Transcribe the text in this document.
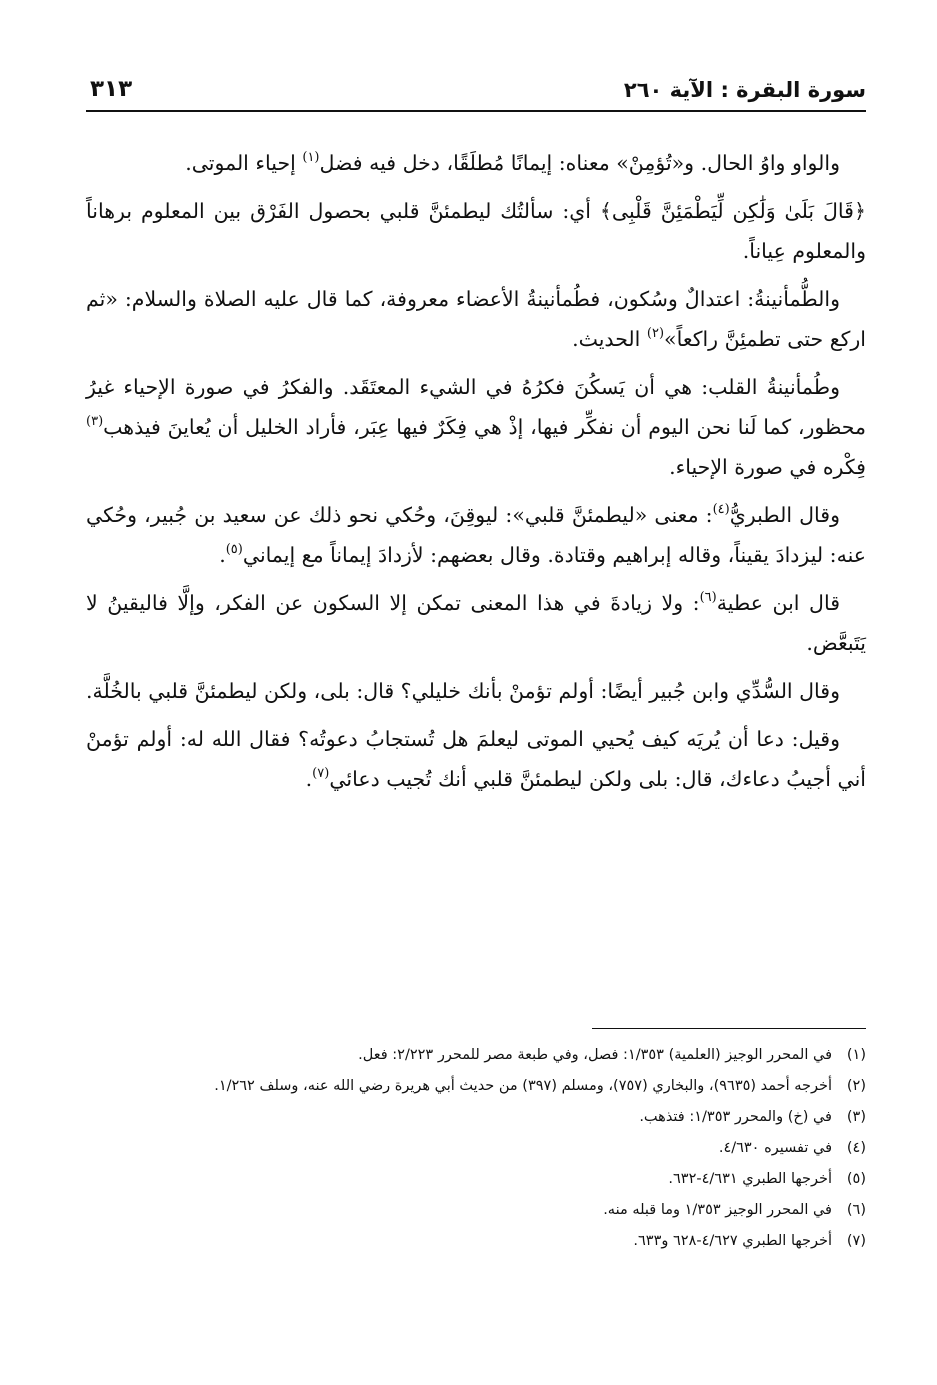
سورة البقرة : الآية ٢٦٠
٣١٣

والواو واوُ الحال. و«تُؤمِنْ» معناه: إيمانًا مُطلَقًا، دخل فيه فضل$^{(١)}$ إحياء الموتى.

﴿قَالَ بَلَىٰ وَلَٰكِن لِّيَطْمَئِنَّ قَلْبِى﴾ أي: سألتُك ليطمئنَّ قلبي بحصول الفَرْق بين المعلوم برهاناً والمعلوم عِياناً.

والطُّمأنينةُ: اعتدالٌ وسُكون، فطُمأنينةُ الأعضاء معروفة، كما قال عليه الصلاة والسلام: «ثم اركع حتى تطمئِنَّ راكعاً»$^{(٢)}$ الحديث.

وطُمأنينةُ القلب: هي أن يَسكُنَ فكرُهُ في الشيء المعتَقَد. والفكرُ في صورة الإحياء غيرُ محظور، كما لَنا نحن اليوم أن نفكِّر فيها، إذْ هي فِكَرٌ فيها عِبَر، فأراد الخليل أن يُعاينَ فيذهب$^{(٣)}$ فِكْره في صورة الإحياء.

وقال الطبريُّ$^{(٤)}$: معنى «ليطمئنَّ قلبي»: ليوقِنَ، وحُكي نحو ذلك عن سعيد بن جُبير، وحُكي عنه: ليزدادَ يقيناً، وقاله إبراهيم وقتادة. وقال بعضهم: لأزدادَ إيماناً مع إيماني$^{(٥)}$.

قال ابن عطية$^{(٦)}$: ولا زيادةَ في هذا المعنى تمكن إلا السكون عن الفكر، وإلَّا فاليقينُ لا يَتَبعَّض.

وقال السُّدِّي وابن جُبير أيضًا: أولم تؤمنْ بأنك خليلي؟ قال: بلى، ولكن ليطمئنَّ قلبي بالخُلَّة.

وقيل: دعا أن يُريَه كيف يُحيي الموتى ليعلمَ هل تُستجابُ دعوتُه؟ فقال الله له: أولم تؤمنْ أني أجيبُ دعاءك، قال: بلى ولكن ليطمئنَّ قلبي أنك تُجيب دعائي$^{(٧)}$.

(١)
في المحرر الوجيز (العلمية) ١/٣٥٣: فصل، وفي طبعة مصر للمحرر ٢/٢٢٣: فعل.
(٢)
أخرجه أحمد (٩٦٣٥)، والبخاري (٧٥٧)، ومسلم (٣٩٧) من حديث أبي هريرة رضي الله عنه، وسلف ١/٢٦٢.
(٣)
في (خ) والمحرر ١/٣٥٣: فتذهب.
(٤)
في تفسيره ٤/٦٣٠.
(٥)
أخرجها الطبري ٤/٦٣١-٦٣٢.
(٦)
في المحرر الوجيز ١/٣٥٣ وما قبله منه.
(٧)
أخرجها الطبري ٤/٦٢٧-٦٢٨ و٦٣٣.
